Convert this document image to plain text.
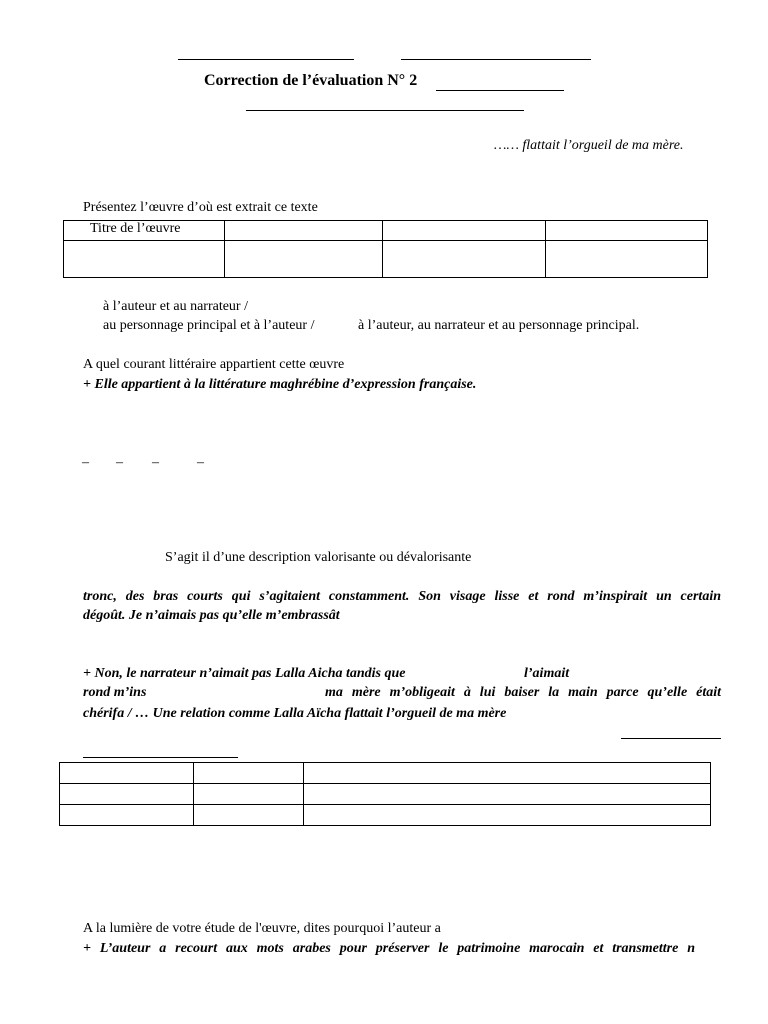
Correction de l’évaluation N° 2
…… flattait l’orgueil de ma mère.
Présentez l’œuvre d’où est extrait ce texte
Titre de l’œuvre			

à l’auteur et au narrateur /
au personnage principal et à l’auteur /	à l’auteur, au narrateur et au personnage principal.
A quel courant littéraire appartient cette œuvre
+ Elle appartient à la littérature maghrébine d’expression française.
– – –	–
S’agit il d’une description valorisante ou dévalorisante
tronc, des bras courts qui s’agitaient constamment. Son visage lisse et rond m’inspirait un certain
dégoût. Je n’aimais pas qu’elle m’embrassât
+ Non, le narrateur n’aimait pas Lalla Aicha tandis que	l’aimait
rond m’ins	ma mère m’obligeait à lui baiser la main parce qu’elle était
chérifa / … Une relation comme Lalla Aïcha flattait l’orgueil de ma mère

A la lumière de votre étude de l'œuvre, dites pourquoi l’auteur a
+ L’auteur a recourt aux mots arabes pour préserver le patrimoine marocain et transmettre n
